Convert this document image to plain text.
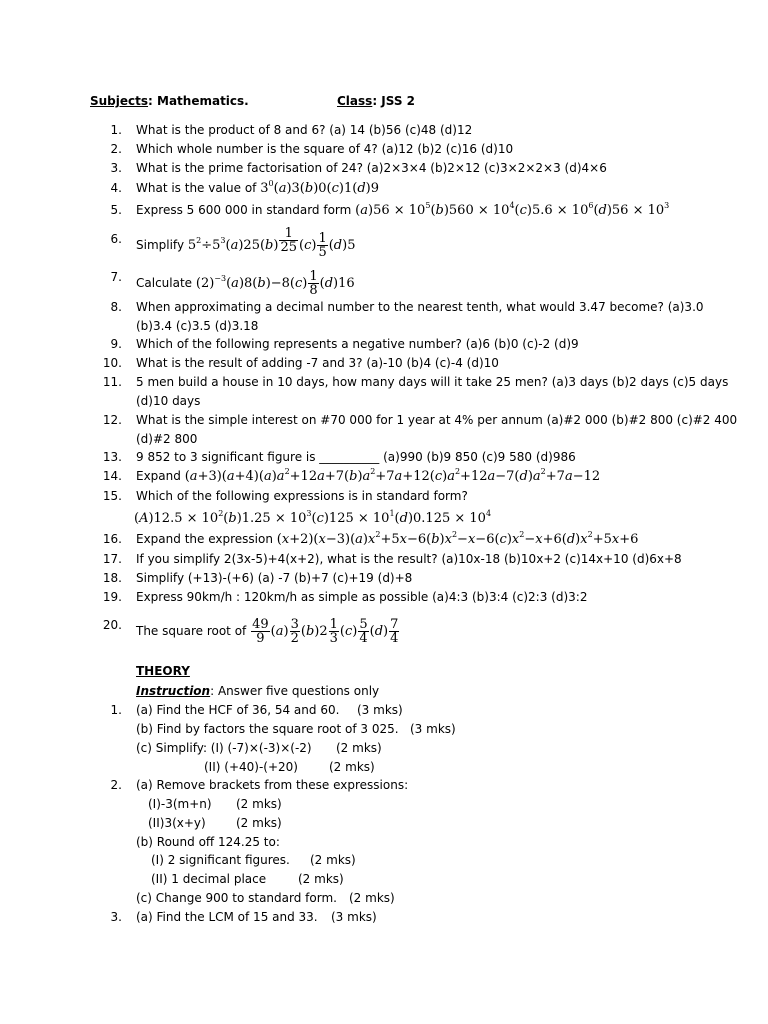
Subjects: Mathematics.	Class: JSS 2
1. What is the product of 8 and 6? (a) 14 (b)56 (c)48 (d)12
2. Which whole number is the square of 4? (a)12 (b)2 (c)16 (d)10
3. What is the prime factorisation of 24? (a)2×3×4 (b)2×12 (c)3×2×2×3 (d)4×6
4. What is the value of $3^0(a)3(b)0(c)1(d)9$
5. Express 5 600 000 in standard form $(a)56 \times 10^5(b)560 \times 10^4(c)5.6 \times 10^6(d)56 \times 10^3$
6. Simplify $5^2\div 5^3(a)25(b) \frac{1}{25} (c) \frac{1}{5} (d)5$
7. Calculate $(2)^{-3}(a)8(b)-8(c) \frac{1}{8} (d)16$
8. When approximating a decimal number to the nearest tenth, what would 3.47 become? (a)3.0
(b)3.4 (c)3.5 (d)3.18
9. Which of the following represents a negative number? (a)6 (b)0 (c)-2 (d)9
10. What is the result of adding -7 and 3? (a)-10 (b)4 (c)-4 (d)10
11. 5 men build a house in 10 days, how many days will it take 25 men? (a)3 days (b)2 days (c)5 days
(d)10 days
12. What is the simple interest on #70 000 for 1 year at 4% per annum (a)#2 000 (b)#2 800 (c)#2 400
(d)#2 800
13. 9 852 to 3 significant figure is __________ (a)990 (b)9 850 (c)9 580 (d)986
14. Expand $(a+3)(a+4)(a)a^2+12a+7(b)a^2+7a+12(c)a^2+12a-7(d)a^2+7a-12$
15. Which of the following expressions is in standard form?
$(A)12.5 \times 10^2(b)1.25 \times 10^3(c)125 \times 10^1(d)0.125 \times 10^4$
16. Expand the expression $(x+2)(x-3)(a)x^2+5x-6(b)x^2-x-6(c)x^2-x+6(d)x^2+5x+6$
17. If you simplify 2(3x-5)+4(x+2), what is the result? (a)10x-18 (b)10x+2 (c)14x+10 (d)6x+8
18. Simplify (+13)-(+6) (a) -7 (b)+7 (c)+19 (d)+8
19. Express 90km/h : 120km/h as simple as possible (a)4:3 (b)3:4 (c)2:3 (d)3:2
20. The square root of $\frac{49}{9} (a) \frac{3}{2} (b)2 \frac{1}{3} (c) \frac{5}{4} (d) \frac{7}{4}$
THEORY
Instruction: Answer five questions only
1. (a) Find the HCF of 36, 54 and 60. (3 mks)
(b) Find by factors the square root of 3 025. (3 mks)
(c) Simplify: (I) (-7)×(-3)×(-2) (2 mks)
(II) (+40)-(+20)	(2 mks)
2. (a) Remove brackets from these expressions:
(I)-3(m+n) (2 mks)
(II)3(x+y)	(2 mks)
(b) Round off 124.25 to:
(I) 2 significant figures. (2 mks)
(II) 1 decimal place	(2 mks)
(c) Change 900 to standard form. (2 mks)
3. (a) Find the LCM of 15 and 33. (3 mks)
